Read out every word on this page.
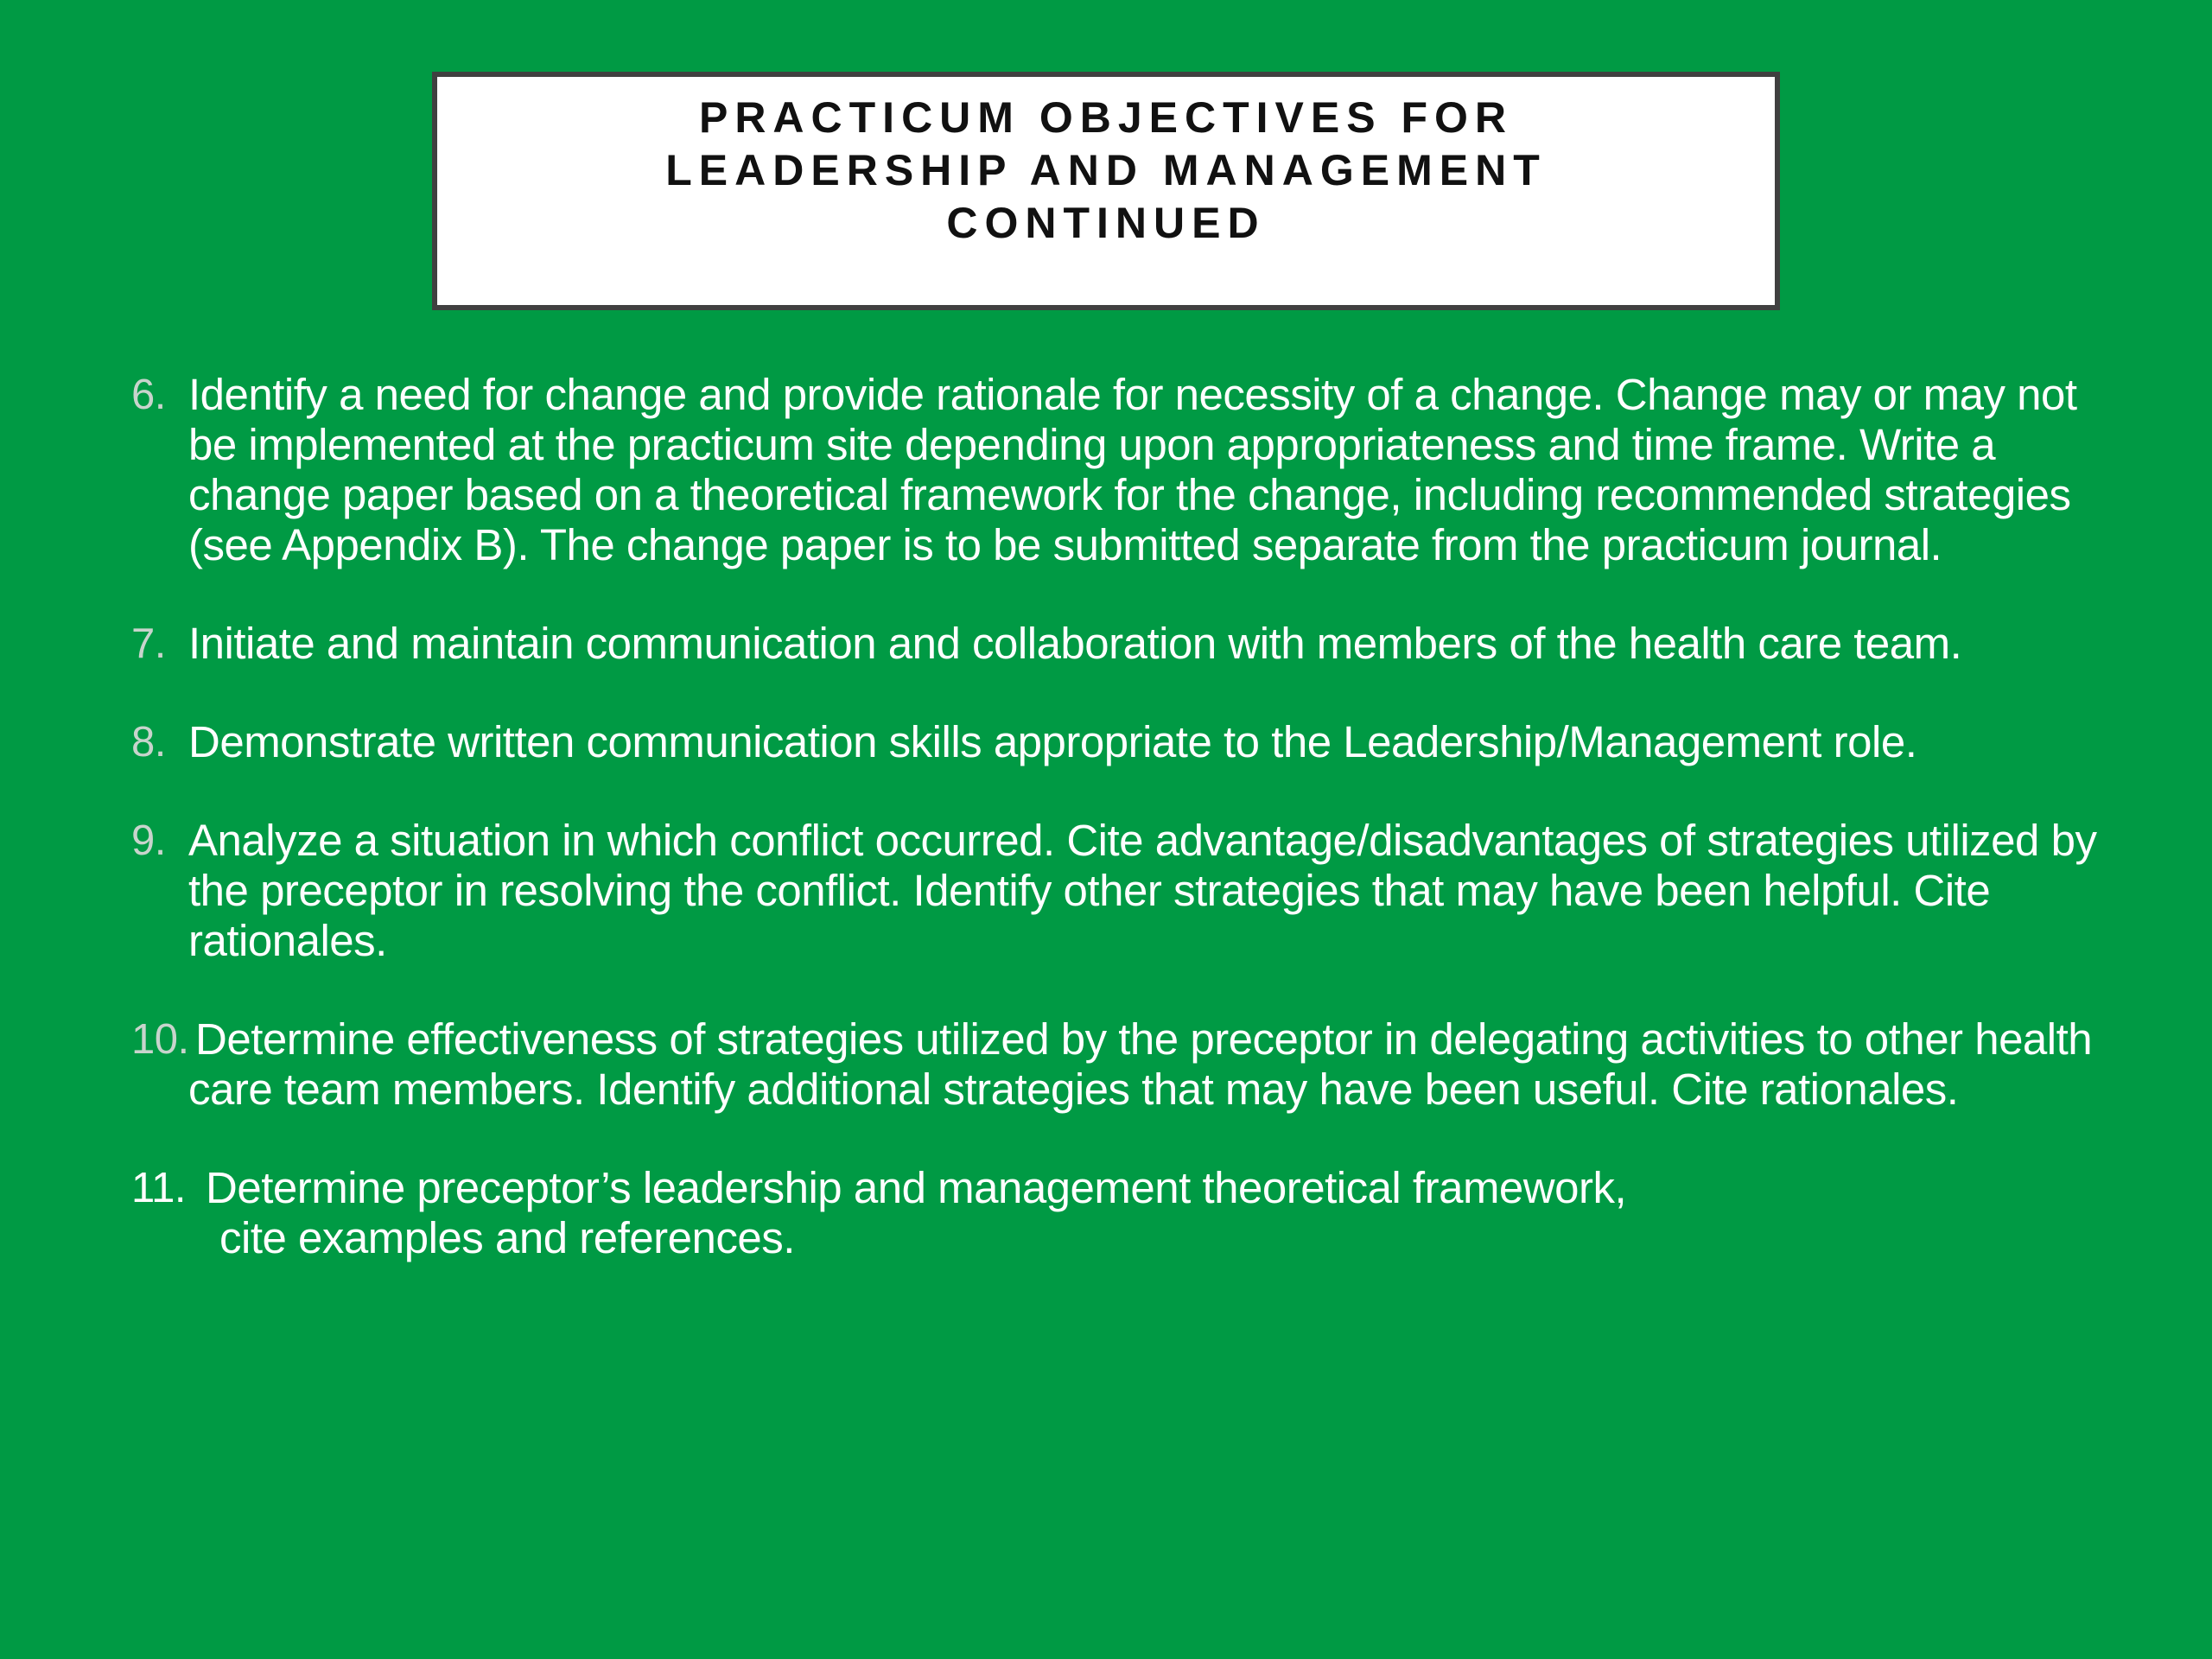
PRACTICUM OBJECTIVES FOR
LEADERSHIP AND MANAGEMENT
CONTINUED
6. Identify a need for change and provide rationale for necessity of a change. Change may or may not be implemented at the practicum site depending upon appropriateness and time frame. Write a change paper based on a theoretical framework for the change, including recommended strategies (see Appendix B). The change paper is to be submitted separate from the practicum journal.
7. Initiate and maintain communication and collaboration with members of the health care team.
8. Demonstrate written communication skills appropriate to the Leadership/Management role.
9. Analyze a situation in which conflict occurred. Cite advantage/disadvantages of strategies utilized by the preceptor in resolving the conflict. Identify other strategies that may have been helpful. Cite rationales.
10. Determine effectiveness of strategies utilized by the preceptor in delegating activities to other health care team members. Identify additional strategies that may have been useful. Cite rationales.
11. Determine preceptor’s leadership and management theoretical framework,
cite examples and references.
